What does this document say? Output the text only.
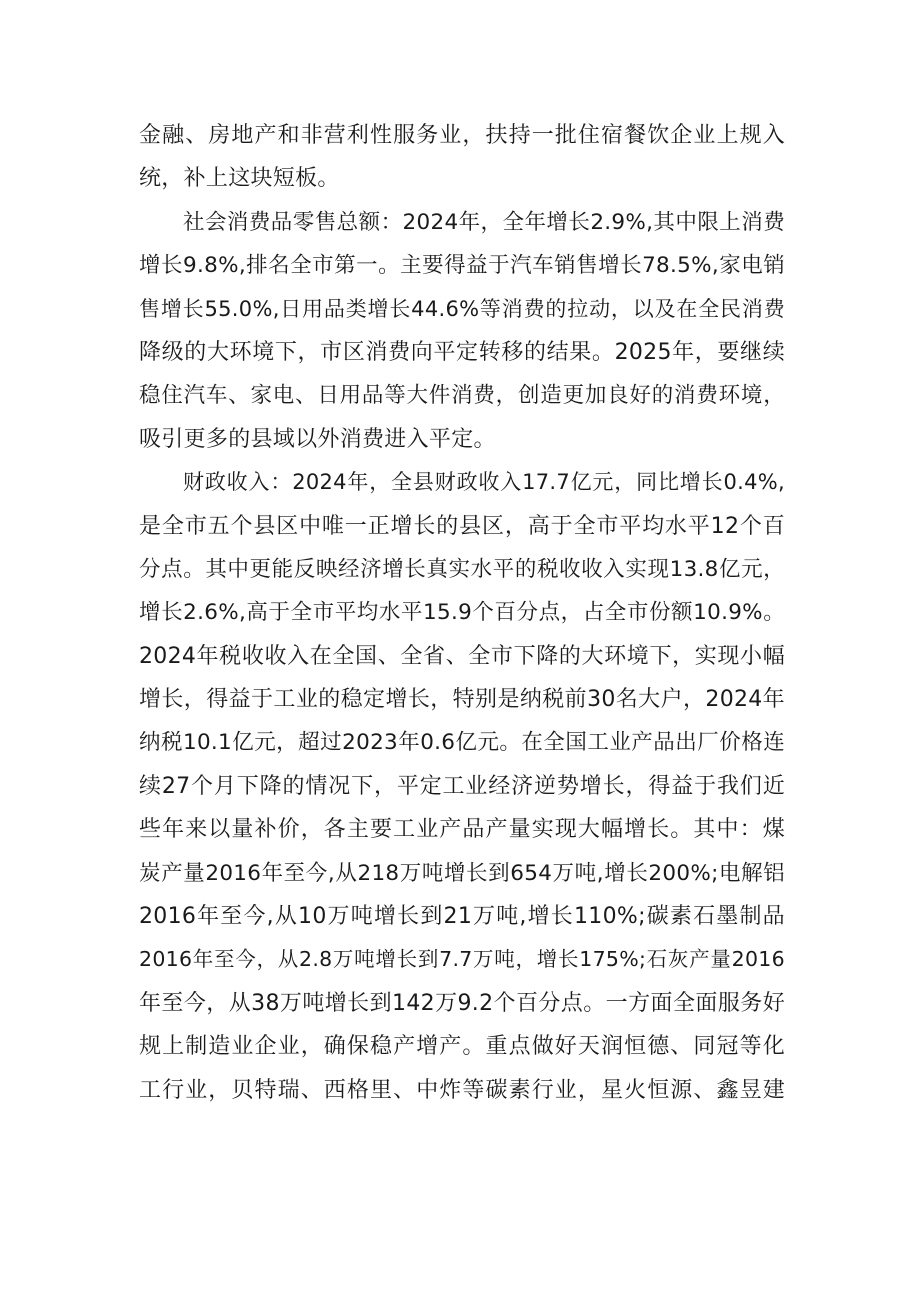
金融、房地产和非营利性服务业，扶持一批住宿餐饮企业上规入
统，补上这块短板。
社会消费品零售总额：2024年，全年增长2.9%,其中限上消费
增长9.8%,排名全市第一。主要得益于汽车销售增长78.5%,家电销
售增长55.0%,日用品类增长44.6%等消费的拉动，以及在全民消费
降级的大环境下，市区消费向平定转移的结果。2025年，要继续
稳住汽车、家电、日用品等大件消费，创造更加良好的消费环境，
吸引更多的县域以外消费进入平定。
财政收入：2024年，全县财政收入17.7亿元，同比增长0.4%,
是全市五个县区中唯一正增长的县区，高于全市平均水平12个百
分点。其中更能反映经济增长真实水平的税收收入实现13.8亿元，
增长2.6%,高于全市平均水平15.9个百分点，占全市份额10.9%。
2024年税收收入在全国、全省、全市下降的大环境下，实现小幅
增长，得益于工业的稳定增长，特别是纳税前30名大户，2024年
纳税10.1亿元，超过2023年0.6亿元。在全国工业产品出厂价格连
续27个月下降的情况下，平定工业经济逆势增长，得益于我们近
些年来以量补价，各主要工业产品产量实现大幅增长。其中：煤
炭产量2016年至今,从218万吨增长到654万吨,增长200%;电解铝
2016年至今,从10万吨增长到21万吨,增长110%;碳素石墨制品
2016年至今，从2.8万吨增长到7.7万吨，增长175%;石灰产量2016
年至今，从38万吨增长到142万9.2个百分点。一方面全面服务好
规上制造业企业，确保稳产增产。重点做好天润恒德、同冠等化
工行业，贝特瑞、西格里、中炸等碳素行业，星火恒源、鑫昱建
